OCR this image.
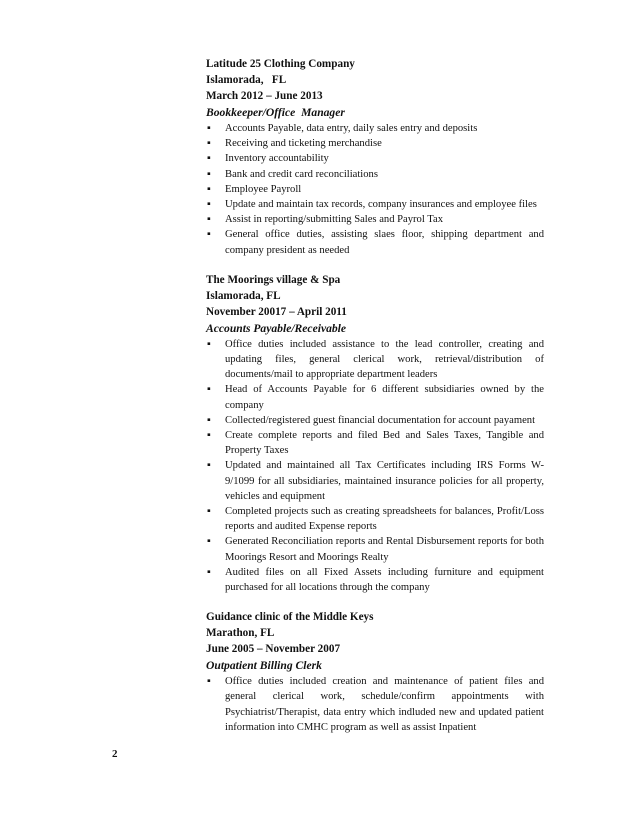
Latitude 25 Clothing Company
Islamorada,   FL
March 2012 – June 2013
Bookkeeper/Office  Manager
▪	Accounts Payable, data entry, daily sales entry and deposits
▪	Receiving and ticketing merchandise
▪	Inventory accountability
▪	Bank and credit card reconciliations
▪	Employee Payroll
▪	Update and maintain tax records, company insurances and employee files
▪	Assist in reporting/submitting Sales and Payrol Tax
▪	General office duties, assisting slaes floor, shipping department and company president as needed
The Moorings village & Spa
Islamorada, FL
November 20017 – April 2011
Accounts Payable/Receivable
▪	Office duties included assistance to the lead controller, creating and updating files, general clerical work, retrieval/distribution of documents/mail to appropriate department leaders
▪	Head of Accounts Payable for 6 different subsidiaries owned by the company
▪	Collected/registered guest financial documentation for account payament
▪	Create complete reports and filed Bed and Sales Taxes, Tangible and Property Taxes
▪	Updated and maintained all Tax Certificates including IRS Forms W-9/1099 for all subsidiaries, maintained insurance policies for all property, vehicles and equipment
▪	Completed projects such as creating spreadsheets for balances, Profit/Loss reports and audited Expense reports
▪	Generated Reconciliation reports and Rental Disbursement reports for both Moorings Resort and Moorings Realty
▪	Audited files on all Fixed Assets including furniture and equipment purchased for all locations through the company
Guidance clinic of the Middle Keys
Marathon, FL
June 2005 – November 2007
Outpatient Billing Clerk
▪	Office duties included creation and maintenance of patient files and general clerical work, schedule/confirm appointments with Psychiatrist/Therapist, data entry which indluded new and updated patient information into CMHC program as well as assist Inpatient
2
